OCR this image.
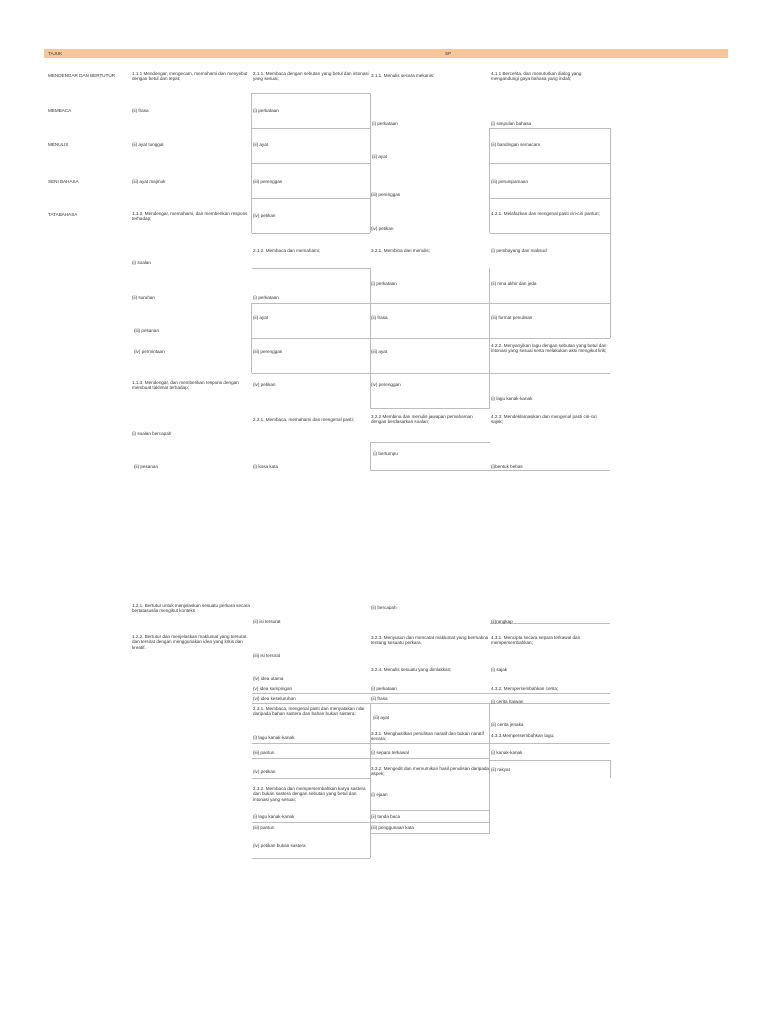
TAJUK	SP
MENDENGAR DAN BERTUTUR
MEMBACA
MENULIS
SENI BAHASA
TATABAHASA
1.1.1 Mendengar, mengecam, memahami dan menyebut dengan betul dan tepat;
(ii) frasa
(ii) ayat tunggal
(iii) ayat majmuk
1.1.2. Mendengar, memahami, dan memberikan respons terhadap;
(i) soalan
(ii) suruhan
(iii) pesanan
(iv) permintaan
1.1.3. Mendengar, dan memberikan respons dengan membuat taklimat terhadap;
(i) soalan bercapah
(ii) pesanan
1.2.1. Bertutur untuk menjelaskan sesuatu perkara secara bertatasusila mengikut konteks
1.2.2. Bertutur dan menjelaskan maklumat yang tersurat dan tersirat dengan menggunakan idea yang kritis dan kreatif.
2.1.1. Membaca dengan sebutan yang betul dan intonasi yang sesuai;
(i) perkataan
(ii) ayat
(iii) perenggan
(iv) petikan
2.1.2. Membaca dan memahami;
(i) perkataan
(ii) ayat
(iii) perenggan
(iv) petikan
2.2.1. Membaca, memahami dan mengenal pasti;
(i) kosa kata
(ii) isi tersurat
(iii) isi tersirat
(iv) idea utama
(v) idea sampingan
(vi) idea keseluruhan
2.3.1. Membaca, mengenal pasti dan menyatakan nilai daripada bahan sastera dan bahan bukan sastera;
(i) lagu kanak-kanak
(iii) pantun
(iv) petikan
2.3.2. Membaca dan mempersembahkan karya sastera dan bukan sastera dengan sebutan yang betul dan intonasi yang sesuai;
(i) lagu kanak-kanak
(iii) pantun
(iv) petikan bukan sastera
3.1.1. Menulis secara mekanis;
(i) perkataan
(ii) ayat
(iii) perenggan
(iv) petikan
3.2.1. Membina dan menulis;
(i) perkataan
(ii) frasa
(iii) ayat
(iv) perenggan
3.2.2 Membina dan menulis jawapan pemahaman dengan berdasarkan soalan;
(i) bertumpu
(ii) bercapah
3.2.3. Menyusun dan mencatat maklumat yang bermakna tentang sesuatu perkara.
3.2.4. Menulis sesuatu yang dimlakkan;
(i) perkataan
(ii) frasa
(iii) ayat
3.3.1. Menghasilkan penulisan naratif dan bukan naratif secara;
(i) separa terkawal
3.3.2. Mengedit dan memurnikan hasil penulisan daripada aspek;
(i) ejaan
(ii) tanda baca
(iii) penggunaan kata
4.1.1 Bercerita, dan menuturkan dialog yang mengandungi gaya bahasa yang indah;
(i) simpulan bahasa
(ii) bandingan semacam
(iii) perumpamaan
4.2.1. Melafazkan dan mengenal pasti ciri-ciri pantun;
(i) pembayang dan maksud
(ii) rima akhir dan jeda
(iii) format penulisan
4.2.2. Menyanyikan lagu dengan sebutan yang betul dan intonasi yang sesuai serta melakukan aksi mengikut lirik;
(i) lagu kanak-kanak
4.2.3. Mendeklamasikan dan mengenal pasti ciri-ciri sajak;
(i)bentuk bebas
(ii)rangkap
4.3.1. Mencipta secara separa terkawal dan mempersembahkan;
(i) sajak
4.3.2. Mempersembahkan cerita;
(i) cerita haiwan
(ii) cerita jenaka
4.3.3.Mempersembahkan lagu;
(i) kanak-kanak
(ii) rakyat
